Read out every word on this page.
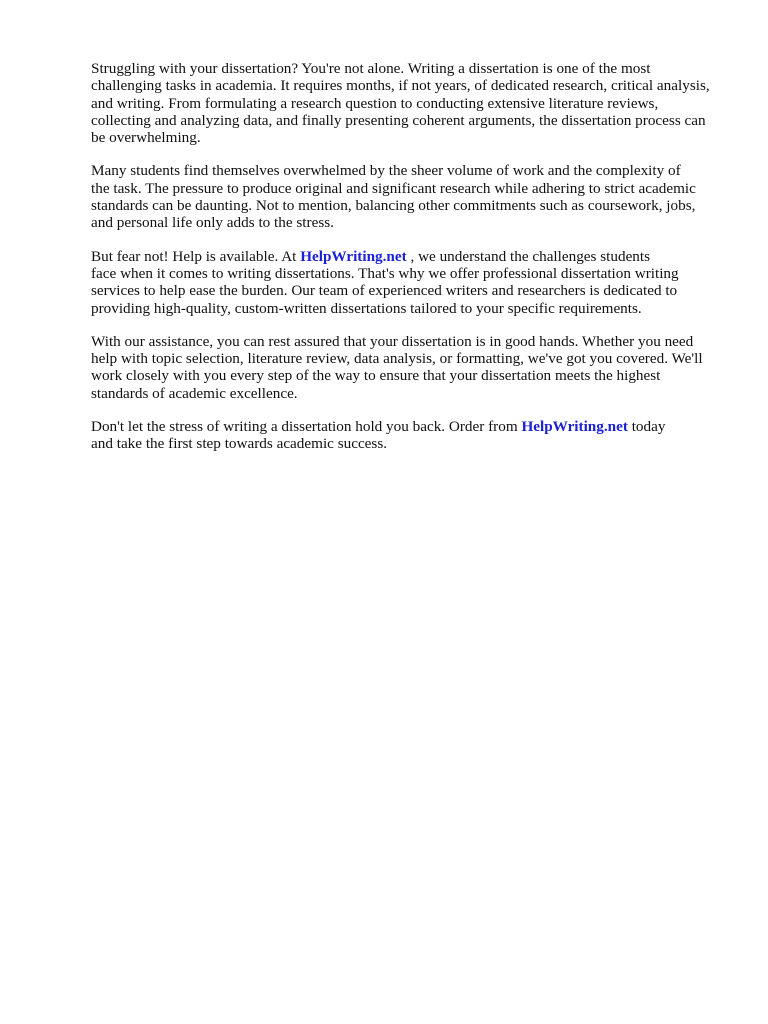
Struggling with your dissertation? You're not alone. Writing a dissertation is one of the most
challenging tasks in academia. It requires months, if not years, of dedicated research, critical analysis,
and writing. From formulating a research question to conducting extensive literature reviews,
collecting and analyzing data, and finally presenting coherent arguments, the dissertation process can
be overwhelming.

Many students find themselves overwhelmed by the sheer volume of work and the complexity of
the task. The pressure to produce original and significant research while adhering to strict academic
standards can be daunting. Not to mention, balancing other commitments such as coursework, jobs,
and personal life only adds to the stress.

But fear not! Help is available. At HelpWriting.net , we understand the challenges students
face when it comes to writing dissertations. That's why we offer professional dissertation writing
services to help ease the burden. Our team of experienced writers and researchers is dedicated to
providing high-quality, custom-written dissertations tailored to your specific requirements.

With our assistance, you can rest assured that your dissertation is in good hands. Whether you need
help with topic selection, literature review, data analysis, or formatting, we've got you covered. We'll
work closely with you every step of the way to ensure that your dissertation meets the highest
standards of academic excellence.

Don't let the stress of writing a dissertation hold you back. Order from HelpWriting.net today
and take the first step towards academic success.
